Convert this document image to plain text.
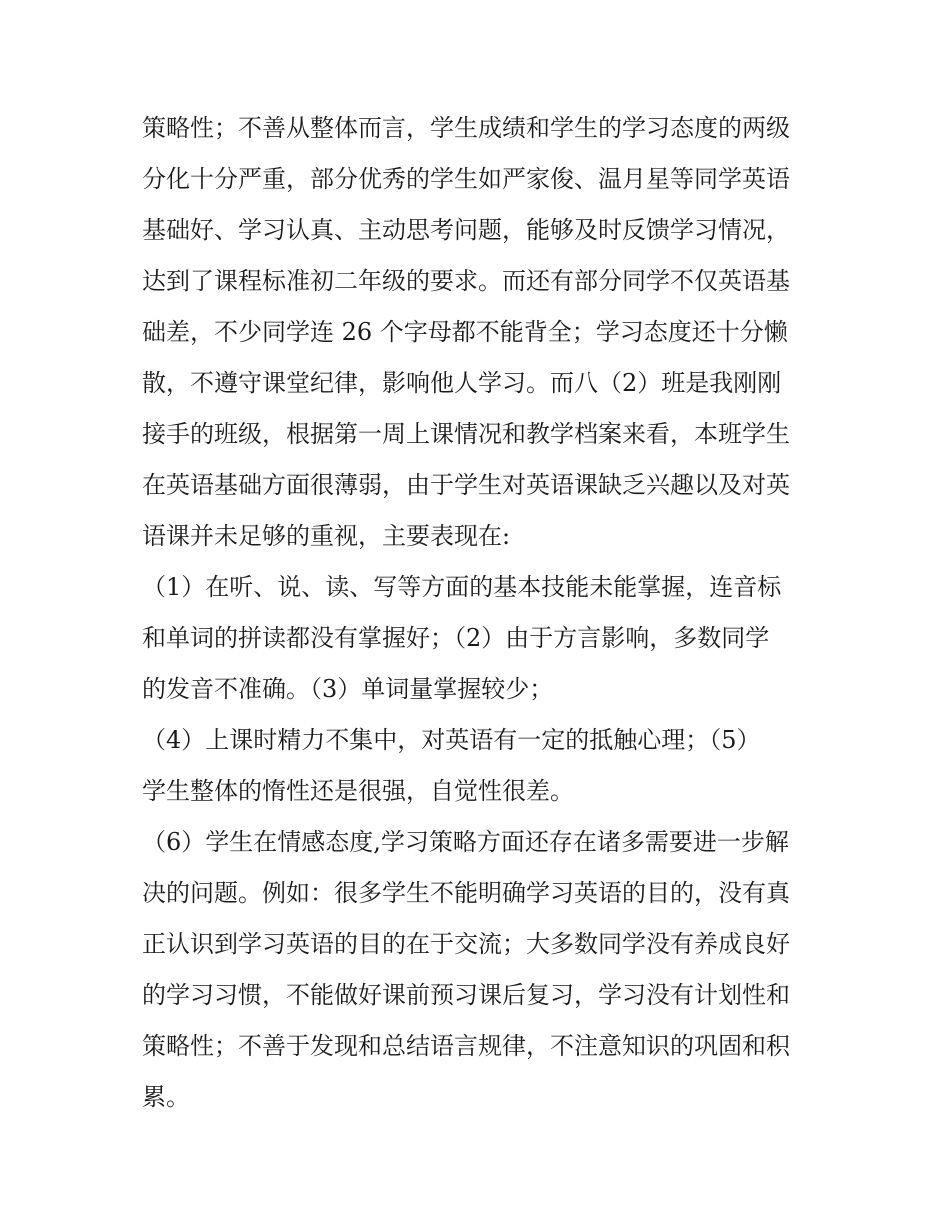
策略性；不善从整体而言，学生成绩和学生的学习态度的两级
分化十分严重，部分优秀的学生如严家俊、温月星等同学英语
基础好、学习认真、主动思考问题，能够及时反馈学习情况，
达到了课程标准初二年级的要求。而还有部分同学不仅英语基
础差，不少同学连 26 个字母都不能背全；学习态度还十分懒
散，不遵守课堂纪律，影响他人学习。而八（2）班是我刚刚
接手的班级，根据第一周上课情况和教学档案来看，本班学生
在英语基础方面很薄弱，由于学生对英语课缺乏兴趣以及对英
语课并未足够的重视，主要表现在:
（1）在听、说、读、写等方面的基本技能未能掌握，连音标
和单词的拼读都没有掌握好；（2）由于方言影响，多数同学
的发音不准确。（3）单词量掌握较少；
（4）上课时精力不集中，对英语有一定的抵触心理；（5）
学生整体的惰性还是很强，自觉性很差。
（6）学生在情感态度,学习策略方面还存在诸多需要进一步解
决的问题。例如：很多学生不能明确学习英语的目的，没有真
正认识到学习英语的目的在于交流；大多数同学没有养成良好
的学习习惯，不能做好课前预习课后复习，学习没有计划性和
策略性；不善于发现和总结语言规律，不注意知识的巩固和积
累。
